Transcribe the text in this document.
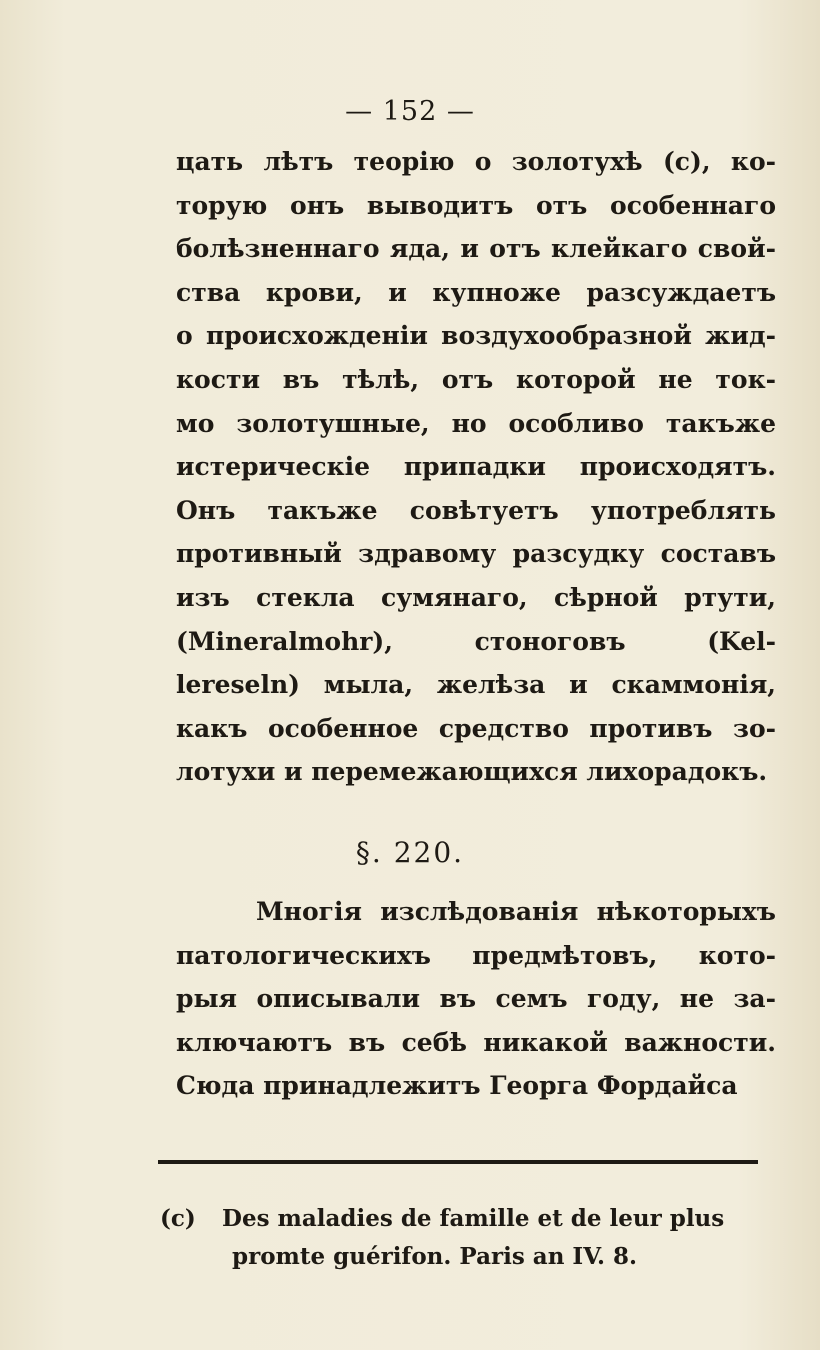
— 152 —
цать лѣтъ теорію о золотухѣ (с), ко-
торую онъ выводитъ отъ особеннаго
болѣзненнаго яда, и отъ клейкаго свой-
ства крови, и купноже разсуждаетъ
о происхожденіи воздухообразной жид-
кости въ тѣлѣ, отъ которой не ток-
мо золотушные, но особливо такъже
истерическіе припадки происходятъ.
Онъ такъже совѣтуетъ употреблять
противный здравому разсудку составъ
изъ стекла сумянаго, сѣрной ртути,
(Mineralmohr), стоноговъ (Kel-
lereseln) мыла, желѣза и скаммонія,
какъ особенное средство противъ зо-
лотухи и перемежающихся лихорадокъ.
§. 220.
Многія изслѣдованія нѣкоторыхъ
патологическихъ предмѣтовъ, кото-
рыя описывали въ семъ году, не за-
ключаютъ въ себѣ никакой важности.
Сюда принадлежитъ Георга Фордайса
(c) Des maladies de famille et de leur plus
promte guérifon. Paris an IV. 8.
